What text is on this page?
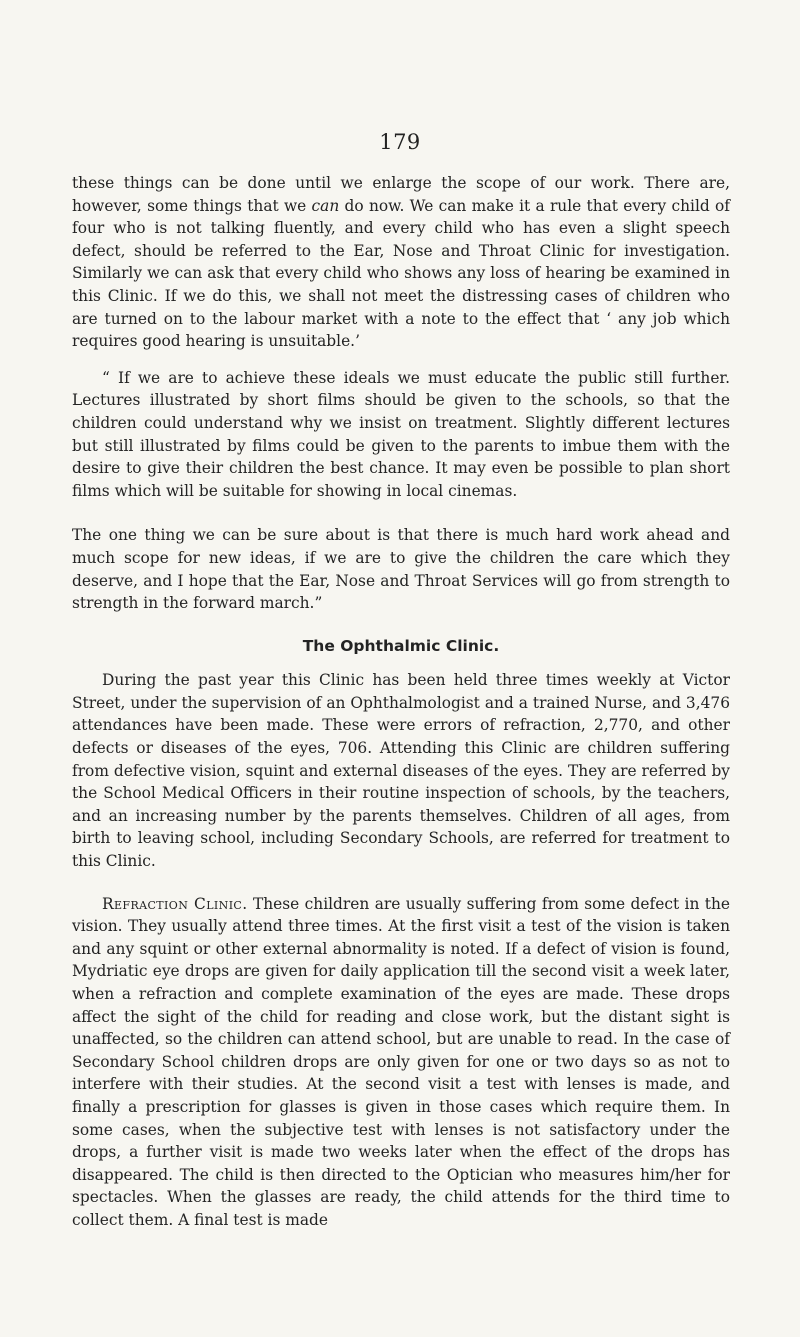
179

these things can be done until we enlarge the scope of our work. There are, however, some things that we can do now. We can make it a rule that every child of four who is not talking fluently, and every child who has even a slight speech defect, should be referred to the Ear, Nose and Throat Clinic for investigation. Similarly we can ask that every child who shows any loss of hearing be examined in this Clinic. If we do this, we shall not meet the distressing cases of children who are turned on to the labour market with a note to the effect that ‘ any job which requires good hearing is unsuitable.’

“ If we are to achieve these ideals we must educate the public still further. Lectures illustrated by short films should be given to the schools, so that the children could understand why we insist on treatment. Slightly different lectures but still illustrated by films could be given to the parents to imbue them with the desire to give their children the best chance. It may even be possible to plan short films which will be suitable for showing in local cinemas.

The one thing we can be sure about is that there is much hard work ahead and much scope for new ideas, if we are to give the children the care which they deserve, and I hope that the Ear, Nose and Throat Services will go from strength to strength in the forward march.”

The Ophthalmic Clinic.

During the past year this Clinic has been held three times weekly at Victor Street, under the supervision of an Ophthalmologist and a trained Nurse, and 3,476 attendances have been made. These were errors of refraction, 2,770, and other defects or diseases of the eyes, 706. Attending this Clinic are children suffering from defective vision, squint and external diseases of the eyes. They are referred by the School Medical Officers in their routine inspection of schools, by the teachers, and an increasing number by the parents themselves. Children of all ages, from birth to leaving school, including Secondary Schools, are referred for treatment to this Clinic.

Refraction Clinic. These children are usually suffering from some defect in the vision. They usually attend three times. At the first visit a test of the vision is taken and any squint or other external abnormality is noted. If a defect of vision is found, Mydriatic eye drops are given for daily application till the second visit a week later, when a refraction and complete examination of the eyes are made. These drops affect the sight of the child for reading and close work, but the distant sight is unaffected, so the children can attend school, but are unable to read. In the case of Secondary School children drops are only given for one or two days so as not to interfere with their studies. At the second visit a test with lenses is made, and finally a prescription for glasses is given in those cases which require them. In some cases, when the subjective test with lenses is not satisfactory under the drops, a further visit is made two weeks later when the effect of the drops has disappeared. The child is then directed to the Optician who measures him/her for spectacles. When the glasses are ready, the child attends for the third time to collect them. A final test is made
